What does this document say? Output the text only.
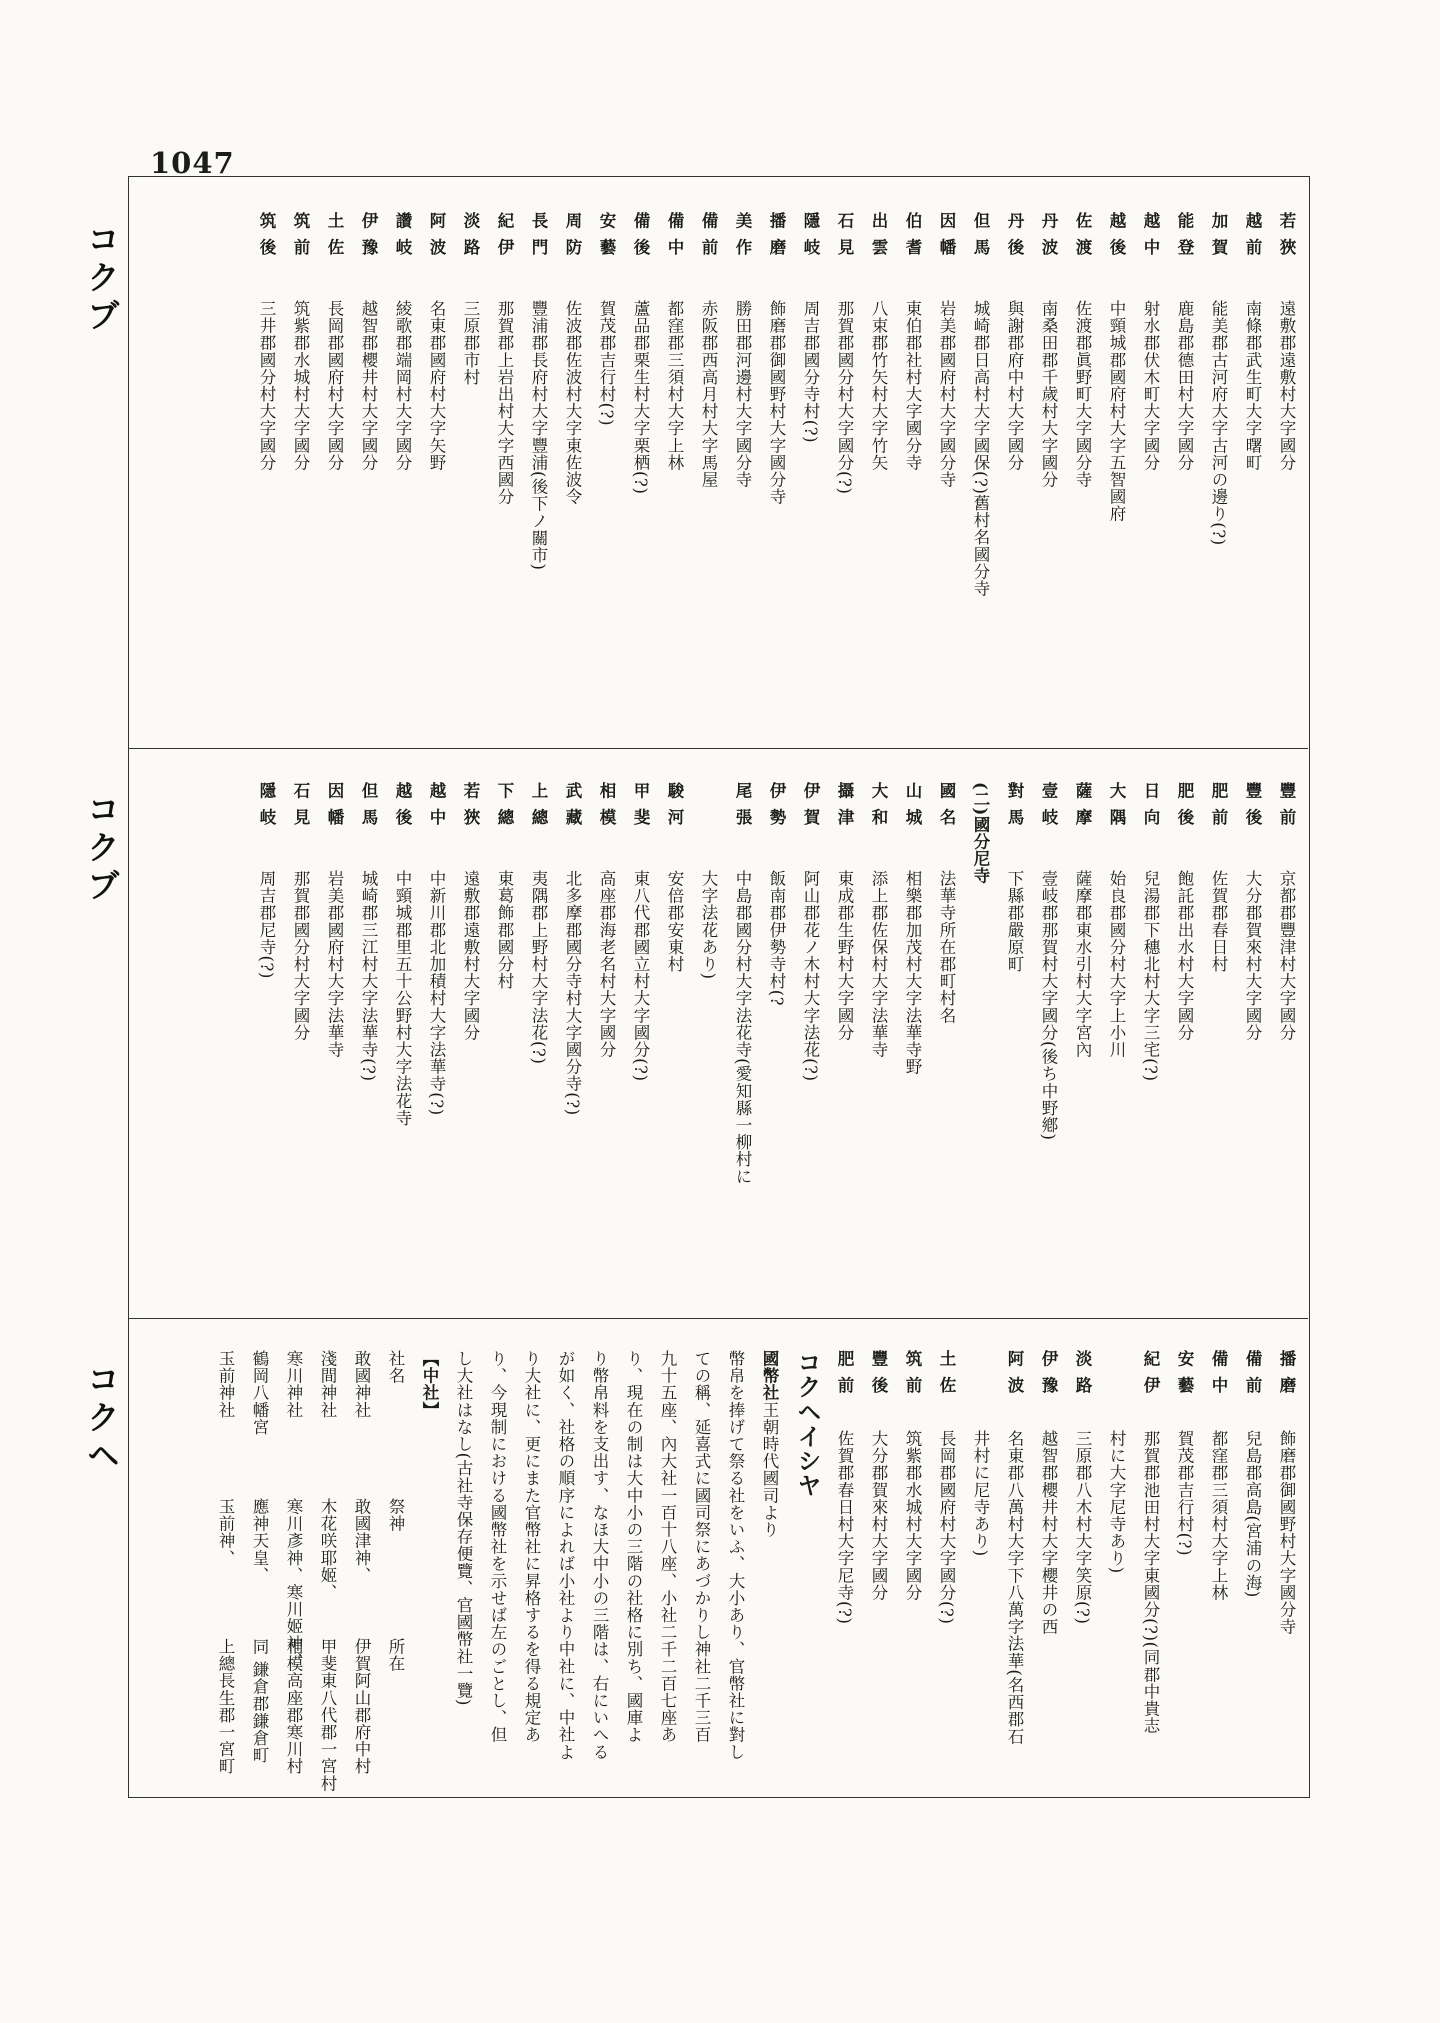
1047
コクブ
コクブ
コクヘ
若狹遠敷郡遠敷村大字國分
越前南條郡武生町大字曙町
加賀能美郡古河府大字古河の邊り(?)
能登鹿島郡德田村大字國分
越中射水郡伏木町大字國分
越後中頸城郡國府村大字五智國府
佐渡佐渡郡眞野町大字國分寺
丹波南桑田郡千歲村大字國分
丹後與謝郡府中村大字國分
但馬城崎郡日高村大字國保(?)舊村名國分寺
因幡岩美郡國府村大字國分寺
伯耆東伯郡社村大字國分寺
出雲八束郡竹矢村大字竹矢
石見那賀郡國分村大字國分(?)
隱岐周吉郡國分寺村(?)
播磨飾磨郡御國野村大字國分寺
美作勝田郡河邊村大字國分寺
備前赤阪郡西高月村大字馬屋
備中都窪郡三須村大字上林
備後蘆品郡栗生村大字栗栖(?)
安藝賀茂郡吉行村(?)
周防佐波郡佐波村大字東佐波令
長門豐浦郡長府村大字豐浦(後下ノ關市)
紀伊那賀郡上岩出村大字西國分
淡路三原郡市村
阿波名東郡國府村大字矢野
讚岐綾歌郡端岡村大字國分
伊豫越智郡櫻井村大字國分
土佐長岡郡國府村大字國分
筑前筑紫郡水城村大字國分
筑後三井郡國分村大字國分
豐前京都郡豐津村大字國分
豐後大分郡賀來村大字國分
肥前佐賀郡春日村
肥後飽託郡出水村大字國分
日向兒湯郡下穗北村大字三宅(?)
大隅始良郡國分村大字上小川
薩摩薩摩郡東水引村大字宮內
壹岐壹岐郡那賀村大字國分(後ち中野鄕)
對馬下縣郡嚴原町
(二)國分尼寺
國名法華寺所在郡町村名
山城相樂郡加茂村大字法華寺野
大和添上郡佐保村大字法華寺
攝津東成郡生野村大字國分
伊賀阿山郡花ノ木村大字法花(?)
伊勢飯南郡伊勢寺村(?
尾張中島郡國分村大字法花寺(愛知縣一柳村に
大字法花あり)
駿河安倍郡安東村
甲斐東八代郡國立村大字國分(?)
相模高座郡海老名村大字國分
武藏北多摩郡國分寺村大字國分寺(?)
上總夷隅郡上野村大字法花(?)
下總東葛飾郡國分村
若狹遠敷郡遠敷村大字國分
越中中新川郡北加積村大字法華寺(?)
越後中頸城郡里五十公野村大字法花寺
但馬城崎郡三江村大字法華寺(?)
因幡岩美郡國府村大字法華寺
石見那賀郡國分村大字國分
隱岐周吉郡尼寺(?)
播磨飾磨郡御國野村大字國分寺
備前兒島郡高島(宮浦の海)
備中都窪郡三須村大字上林
安藝賀茂郡吉行村(?)
紀伊那賀郡池田村大字東國分(?)(同郡中貴志
村に大字尼寺あり)
淡路三原郡八木村大字笑原(?)
伊豫越智郡櫻井村大字櫻井の西
阿波名東郡八萬村大字下八萬字法華(名西郡石
井村に尼寺あり)
土佐長岡郡國府村大字國分(?)
筑前筑紫郡水城村大字國分
豐後大分郡賀來村大字國分
肥前佐賀郡春日村大字尼寺(?)
コクヘイシヤ
國幣社王朝時代國司より
幣帛を捧げて祭る社をいふ、大小あり、官幣社に對し
ての稱、延喜式に國司祭にあづかりし神社二千三百
九十五座、內大社一百十八座、小社二千二百七座あ
り、現在の制は大中小の三階の社格に別ち、國庫よ
り幣帛料を支出す、なほ大中小の三階は、右にいへる
が如く、社格の順序によれば小社より中社に、中社よ
り大社に、更にまた官幣社に昇格するを得る規定あ
り、今現制における國幣社を示せば左のごとし、但
し大社はなし(古社寺保存便覽、官國幣社一覽)
【中社】
社名祭神所在
敢國神社敢國津神、伊賀阿山郡府中村
淺間神社木花咲耶姬、甲斐東八代郡一宮村
寒川神社寒川彥神、寒川姬神、相模高座郡寒川村
鶴岡八幡宮應神天皇、同 鎌倉郡鎌倉町
玉前神社玉前神、上總長生郡一宮町
